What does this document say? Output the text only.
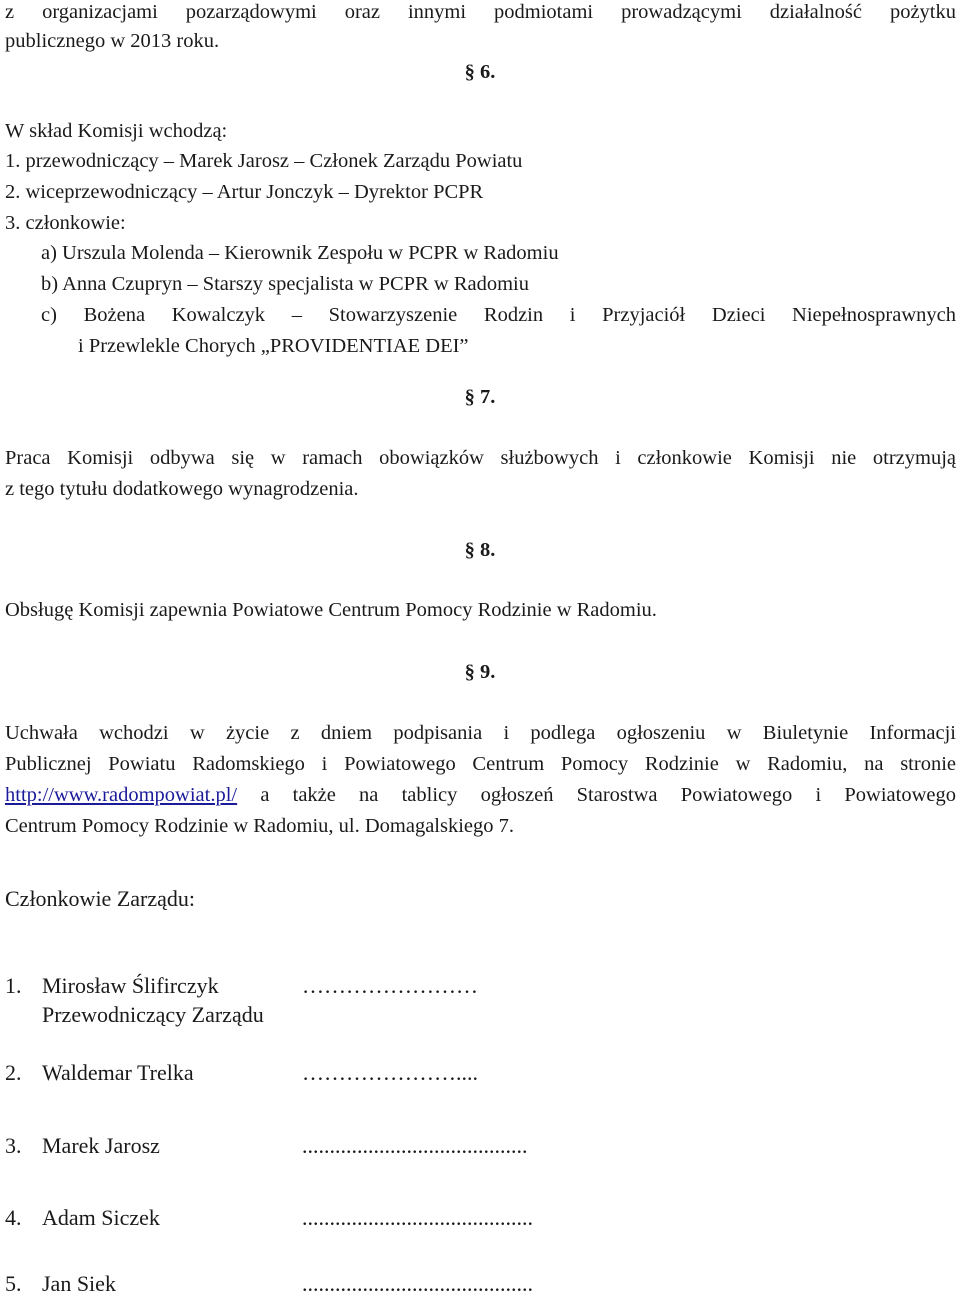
z organizacjami pozarządowymi oraz innymi podmiotami prowadzącymi działalność pożytku
publicznego w 2013 roku.
§ 6.
W skład Komisji wchodzą:
1. przewodniczący – Marek Jarosz – Członek Zarządu Powiatu
2. wiceprzewodniczący – Artur Jonczyk – Dyrektor PCPR
3. członkowie:
a) Urszula Molenda – Kierownik Zespołu w PCPR w Radomiu
b) Anna Czupryn – Starszy specjalista w PCPR w Radomiu
c) Bożena Kowalczyk – Stowarzyszenie Rodzin i Przyjaciół Dzieci Niepełnosprawnych
i Przewlekle Chorych „PROVIDENTIAE DEI”
§ 7.
Praca Komisji odbywa się w ramach obowiązków służbowych i członkowie Komisji nie otrzymują
z tego tytułu dodatkowego wynagrodzenia.
§ 8.
Obsługę Komisji zapewnia Powiatowe Centrum Pomocy Rodzinie w Radomiu.
§ 9.
Uchwała wchodzi w życie z dniem podpisania i podlega ogłoszeniu w Biuletynie Informacji
Publicznej Powiatu Radomskiego i Powiatowego Centrum Pomocy Rodzinie w Radomiu, na stronie
http://www.radompowiat.pl/ a także na tablicy ogłoszeń Starostwa Powiatowego i Powiatowego
Centrum Pomocy Rodzinie w Radomiu, ul. Domagalskiego 7.
Członkowie Zarządu:
1. Mirosław Ślifirczyk	……………………
Przewodniczący Zarządu
2. Waldemar Trelka	…………………....
3. Marek Jarosz	.........................................
4. Adam Siczek	..........................................
5. Jan Siek	..........................................
